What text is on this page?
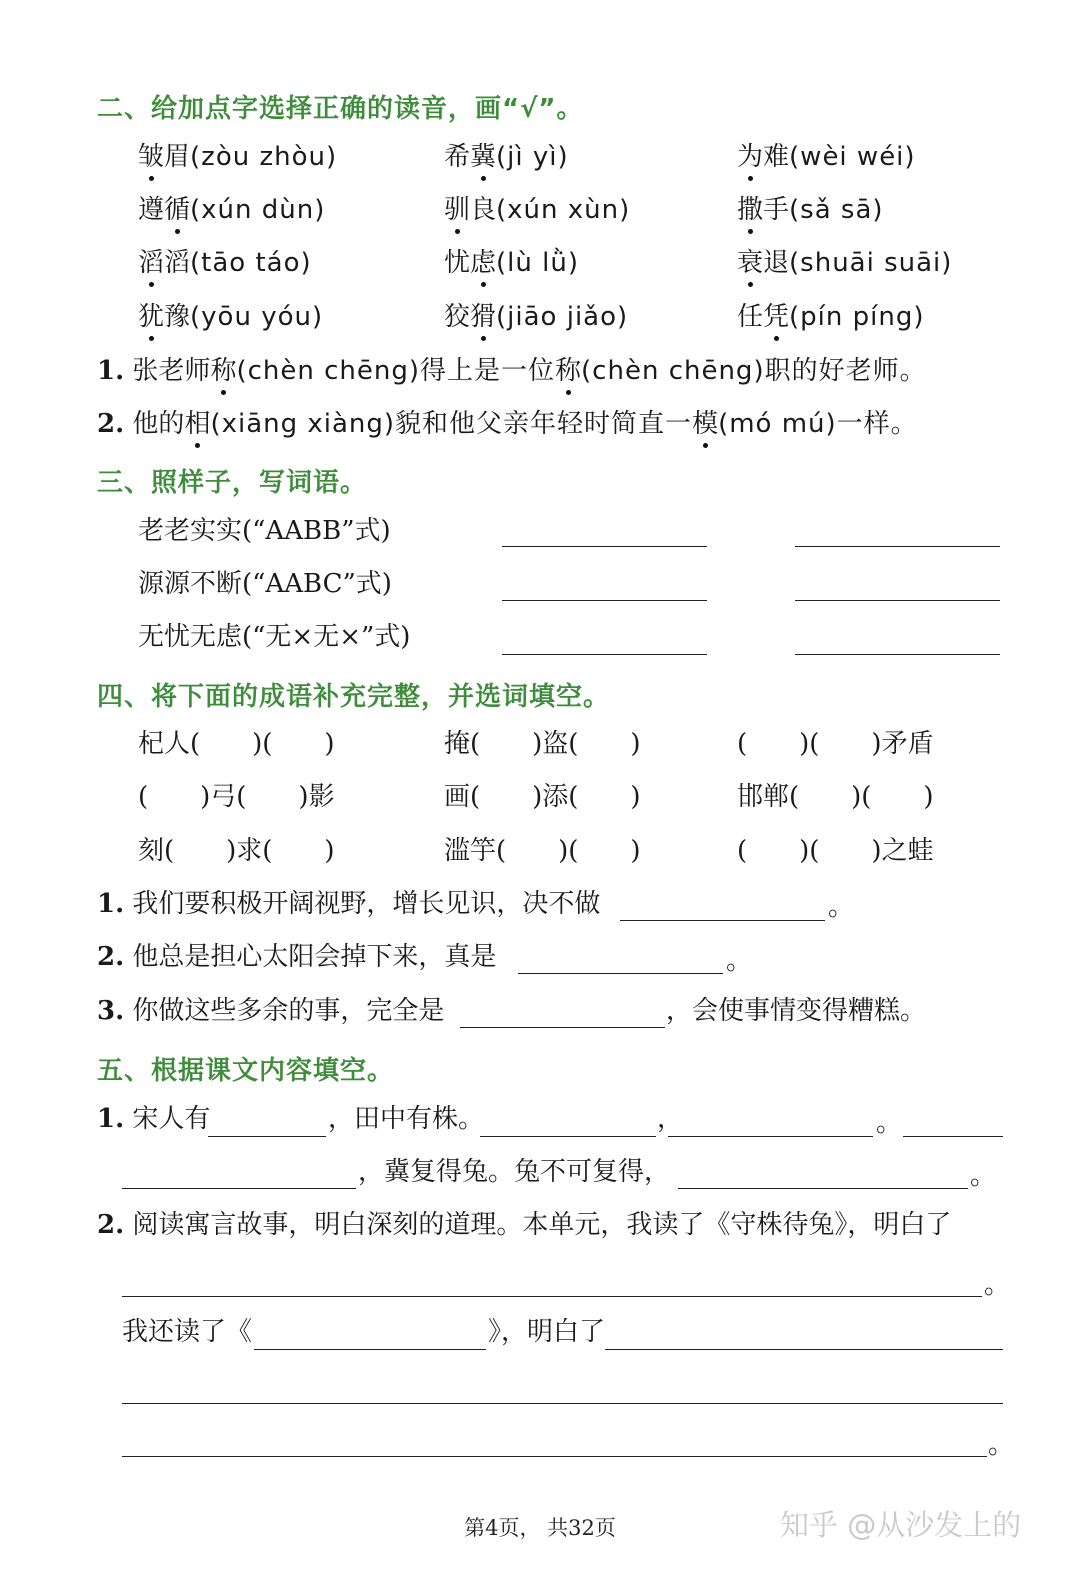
二、给加点字选择正确的读音，画“√”。
皱眉(zòu zhòu)	希冀(jì yì)	为难(wèi wéi)
遵循(xún dùn)	驯良(xún xùn)	撒手(sǎ sā)
滔滔(tāo táo)	忧虑(lù lǜ)	衰退(shuāi suāi)
犹豫(yōu yóu)	狡猾(jiāo jiǎo)	任凭(pín píng)
1. 张老师称(chèn chēng)得上是一位称(chèn chēng)职的好老师。
2. 他的相(xiāng xiàng)貌和他父亲年轻时简直一模(mó mú)一样。
三、照样子，写词语。
老老实实(“AABB”式)
源源不断(“AABC”式)
无忧无虑(“无×无×”式)
四、将下面的成语补充完整，并选词填空。
杞人(　　)(　　)	掩(　　)盗(　　)	(　　)(　　)矛盾
(　　)弓(　　)影	画(　　)添(　　)	邯郸(　　)(　　)
刻(　　)求(　　)	滥竽(　　)(　　)	(　　)(　　)之蛙
1. 我们要积极开阔视野，增长见识，决不做	。
2. 他总是担心太阳会掉下来，真是	。
3. 你做这些多余的事，完全是	，会使事情变得糟糕。
五、根据课文内容填空。
1. 宋人有	，田中有株。	，	。
，冀复得兔。兔不可复得，	。
2. 阅读寓言故事，明白深刻的道理。本单元，我读了《守株待兔》，明白了
。
我还读了《	》，明白了
。
第4页， 共32页	知乎 @从沙发上的
